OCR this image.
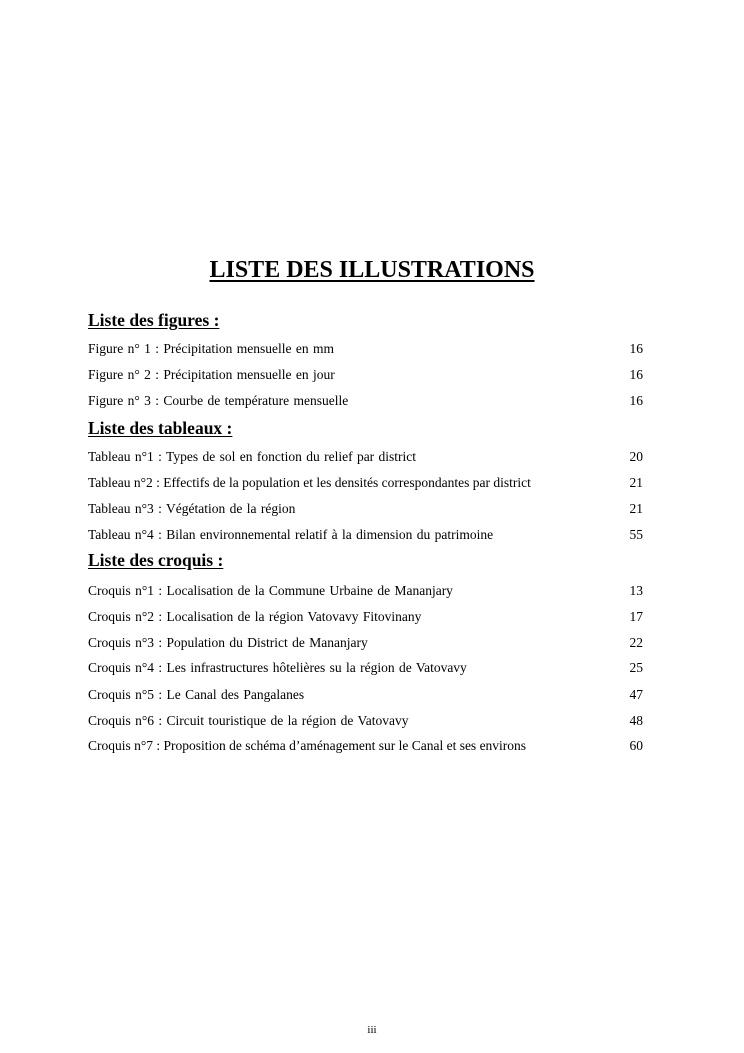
LISTE DES ILLUSTRATIONS
Liste des figures :
Figure n° 1 : Précipitation mensuelle en mm	16
Figure n° 2 : Précipitation mensuelle en jour	16
Figure n° 3 : Courbe de température mensuelle	16
Liste des tableaux :
Tableau n°1 : Types de sol en fonction du relief par district	20
Tableau n°2 : Effectifs de la population et les densités correspondantes par district	21
Tableau n°3 : Végétation de la région	21
Tableau n°4 : Bilan environnemental relatif à la dimension du patrimoine	55
Liste des croquis :
Croquis n°1 : Localisation de la Commune Urbaine de Mananjary	13
Croquis n°2 : Localisation de la région Vatovavy Fitovinany	17
Croquis n°3 : Population du District de Mananjary	22
Croquis n°4 : Les infrastructures hôtelières su la région de Vatovavy	25
Croquis n°5 : Le Canal des Pangalanes	47
Croquis n°6 : Circuit touristique de la région de Vatovavy	48
Croquis n°7 : Proposition de schéma d’aménagement sur le Canal et ses environs	60
iii
